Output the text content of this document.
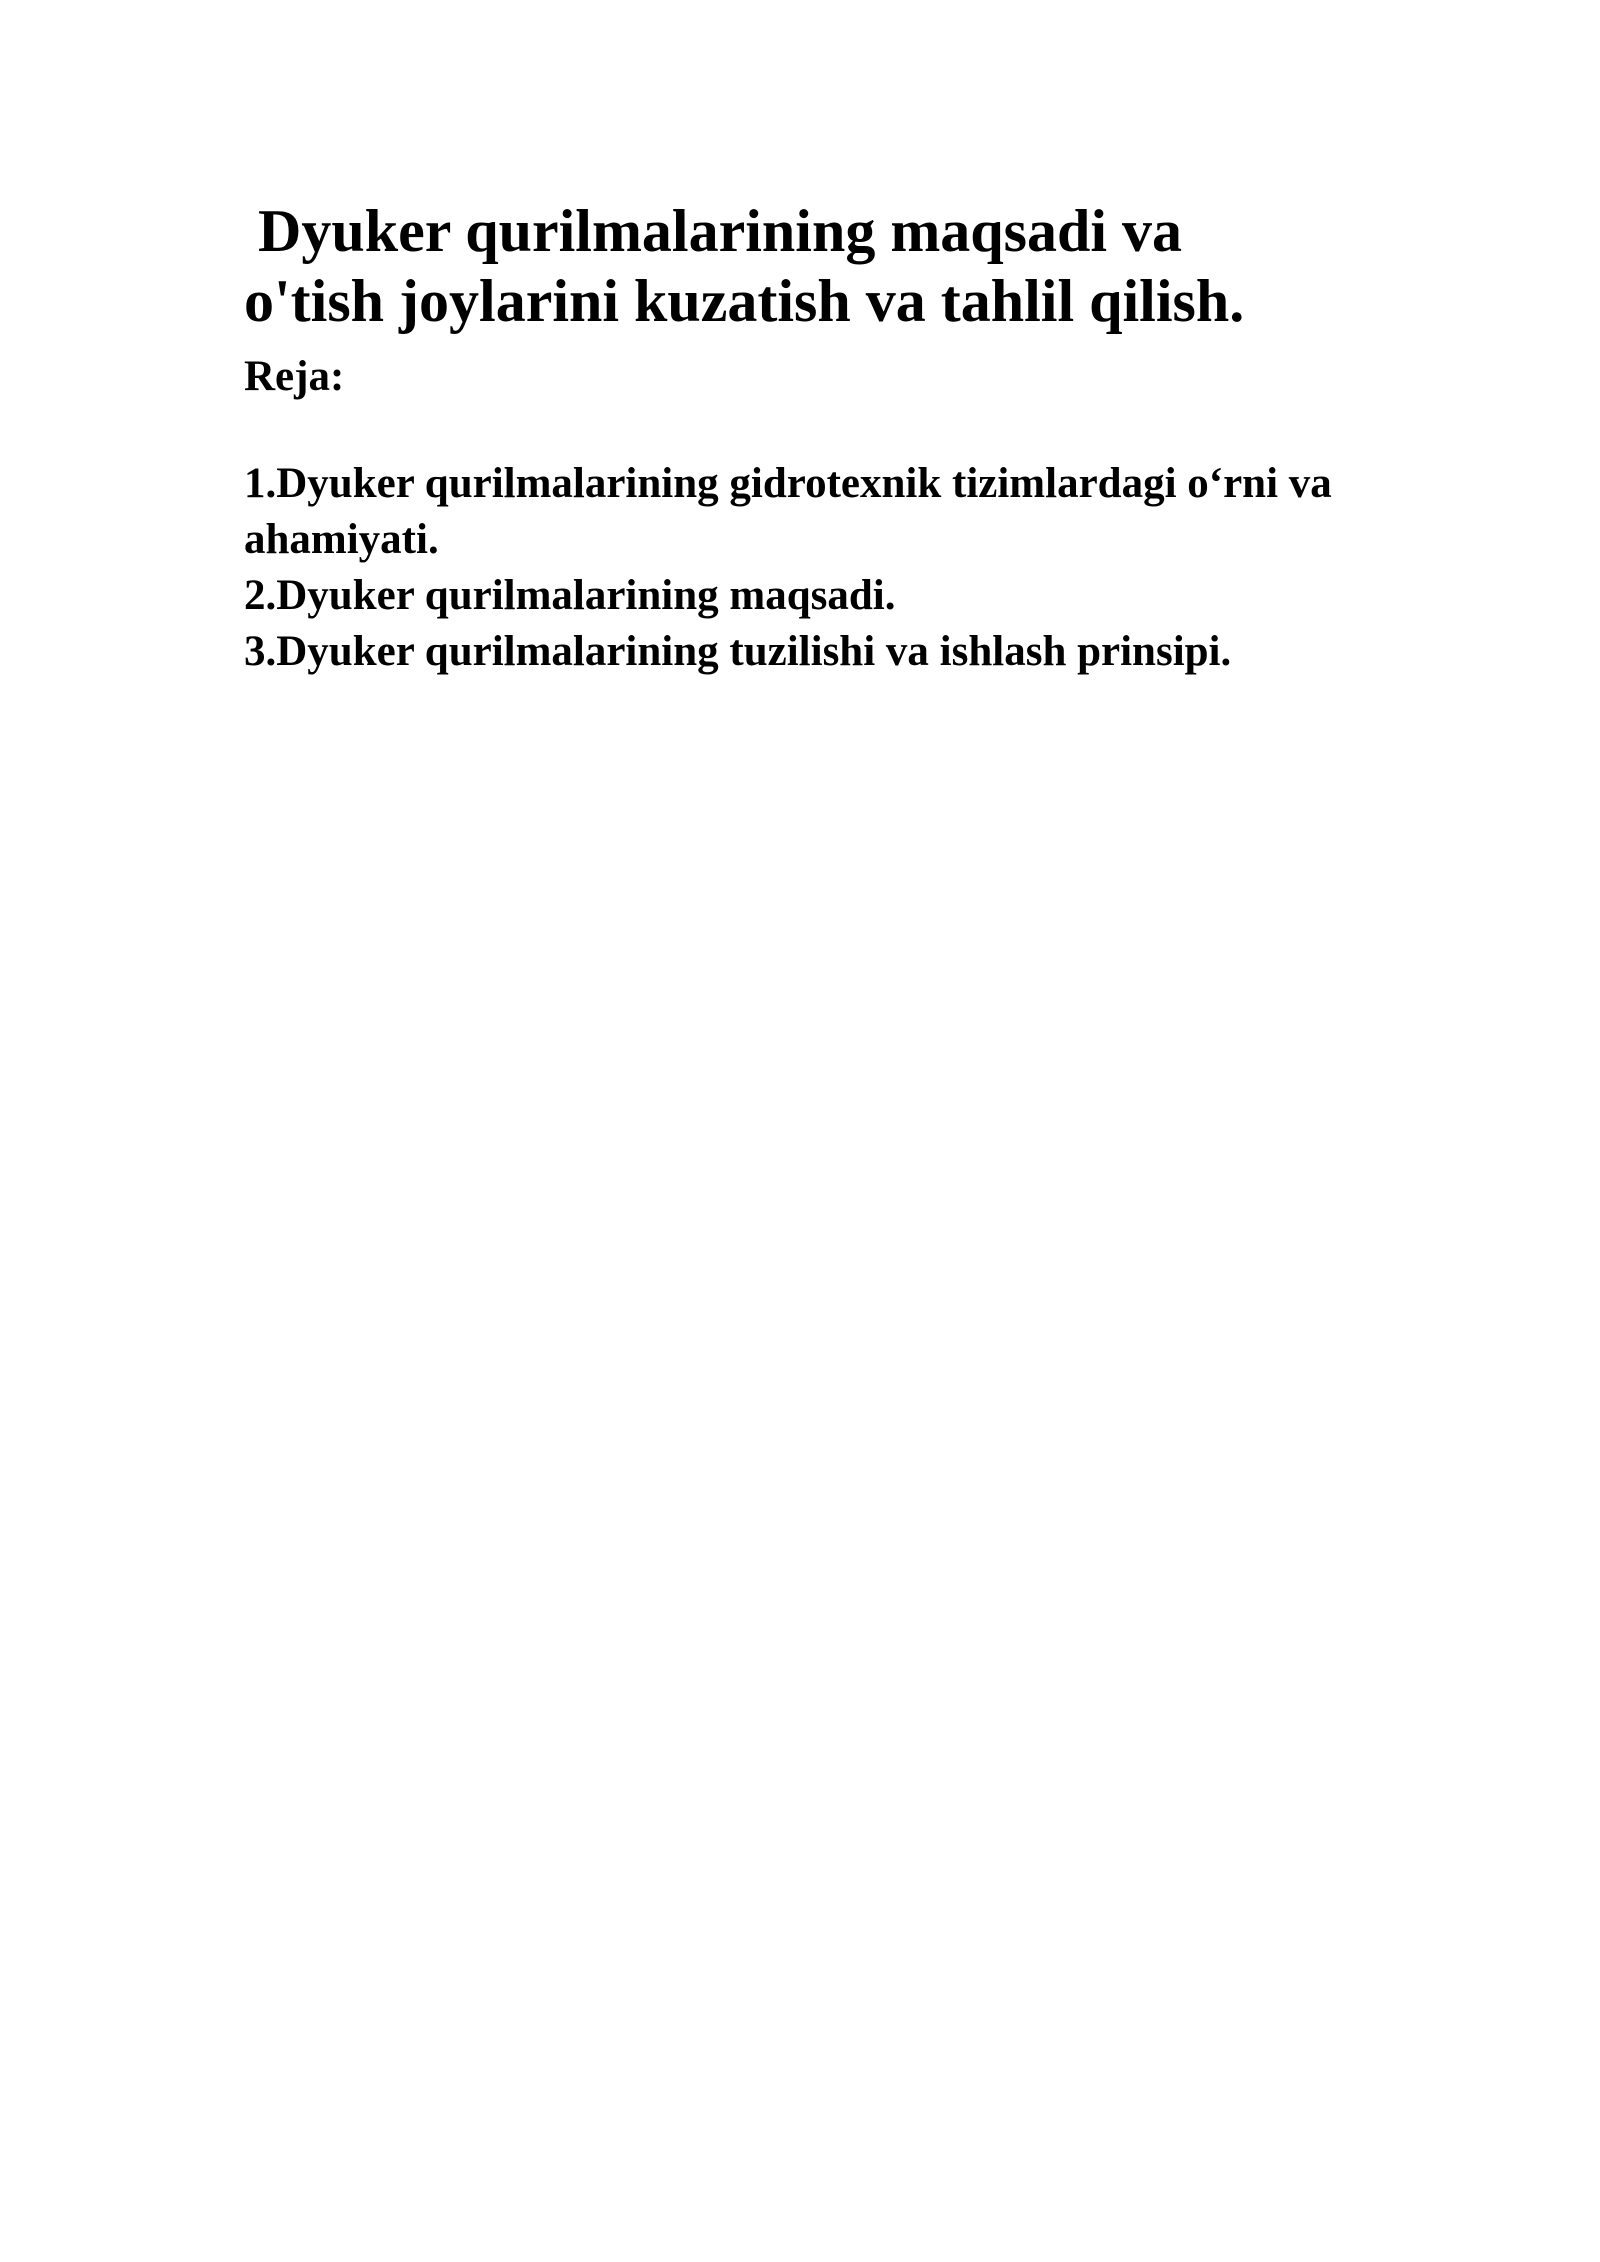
Dyuker qurilmalarining maqsadi va
o'tish joylarini kuzatish va tahlil qilish.

Reja:

1.Dyuker qurilmalarining gidrotexnik tizimlardagi o‘rni va ahamiyati.
2.Dyuker qurilmalarining maqsadi.
3.Dyuker qurilmalarining tuzilishi va ishlash prinsipi.
